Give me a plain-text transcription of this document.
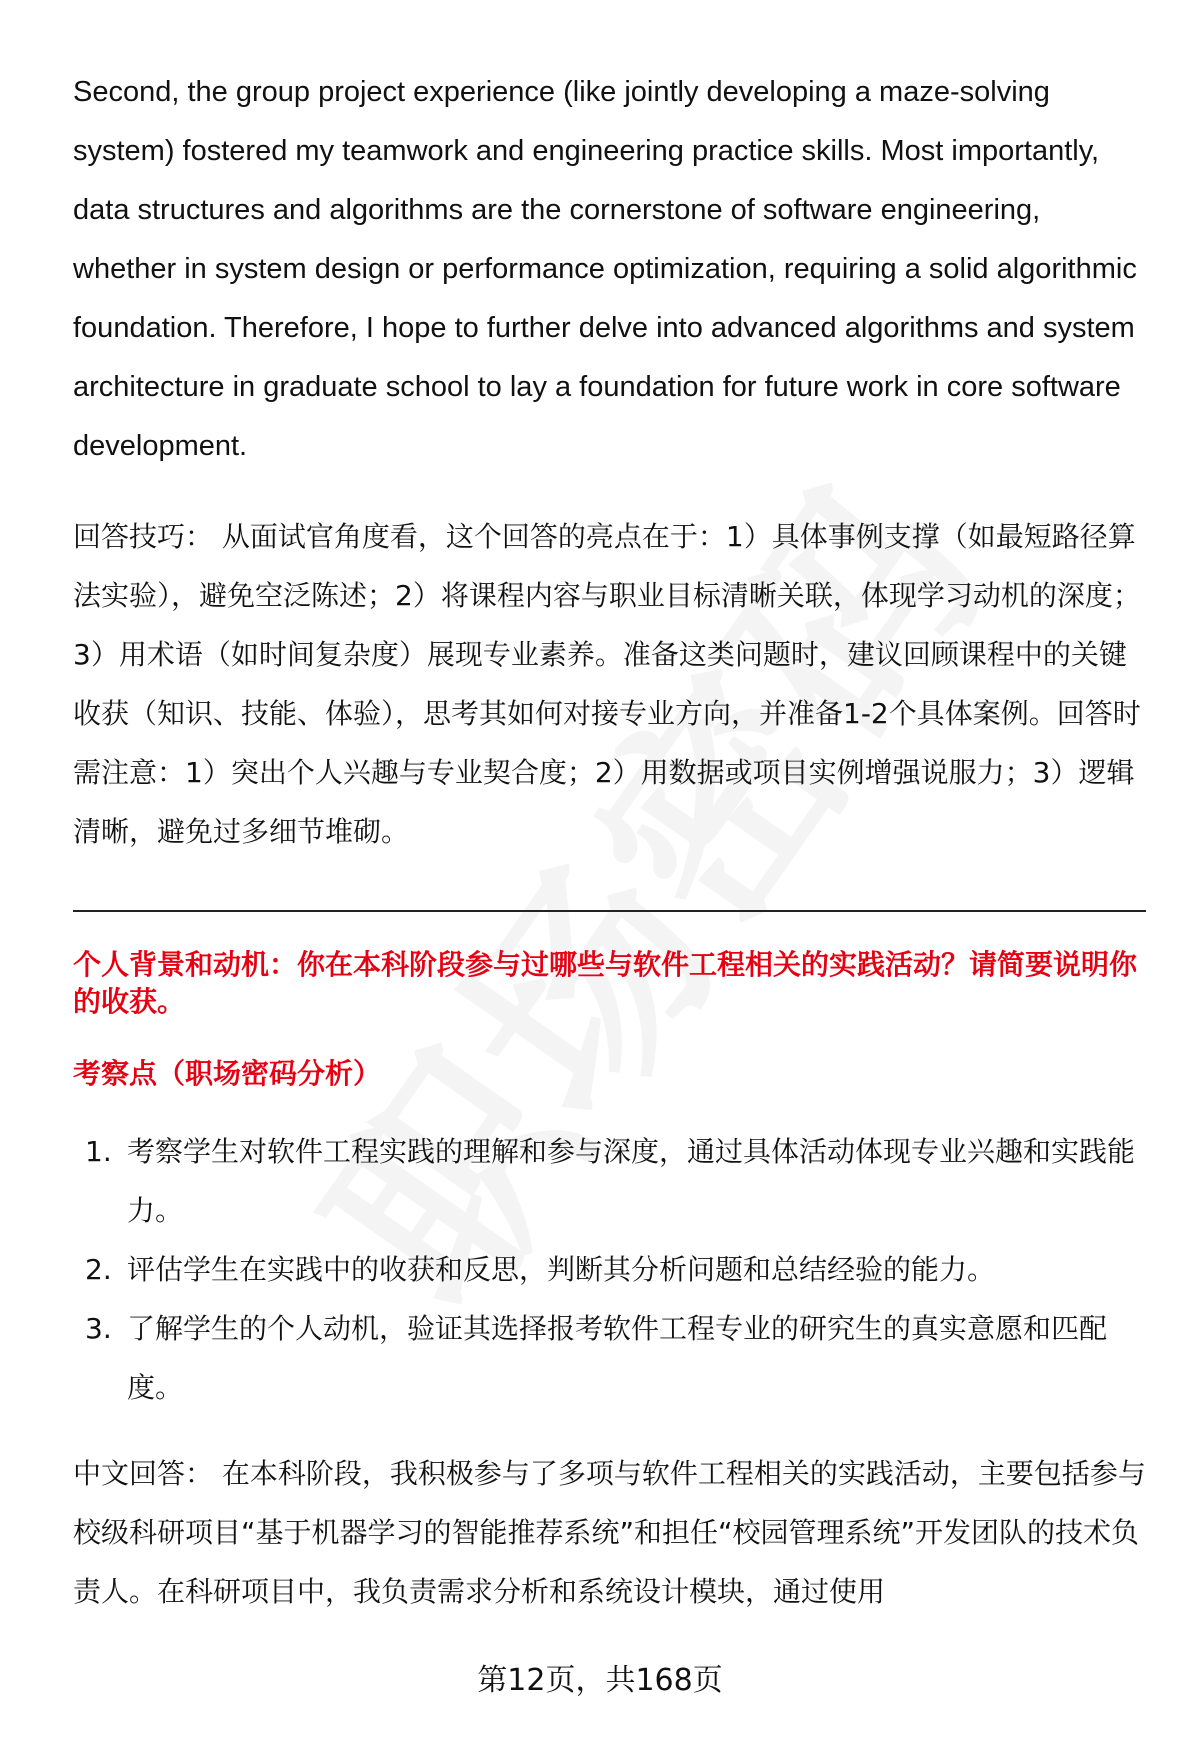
Second, the group project experience (like jointly developing a maze-solving system) fostered my teamwork and engineering practice skills. Most importantly, data structures and algorithms are the cornerstone of software engineering, whether in system design or performance optimization, requiring a solid algorithmic foundation. Therefore, I hope to further delve into advanced algorithms and system architecture in graduate school to lay a foundation for future work in core software development.
回答技巧： 从面试官角度看，这个回答的亮点在于：1）具体事例支撑（如最短路径算法实验），避免空泛陈述；2）将课程内容与职业目标清晰关联，体现学习动机的深度；3）用术语（如时间复杂度）展现专业素养。准备这类问题时，建议回顾课程中的关键收获（知识、技能、体验），思考其如何对接专业方向，并准备1-2个具体案例。回答时需注意：1）突出个人兴趣与专业契合度；2）用数据或项目实例增强说服力；3）逻辑清晰，避免过多细节堆砌。
个人背景和动机：你在本科阶段参与过哪些与软件工程相关的实践活动？请简要说明你的收获。
考察点（职场密码分析）
1. 考察学生对软件工程实践的理解和参与深度，通过具体活动体现专业兴趣和实践能力。
2. 评估学生在实践中的收获和反思，判断其分析问题和总结经验的能力。
3. 了解学生的个人动机，验证其选择报考软件工程专业的研究生的真实意愿和匹配度。
中文回答： 在本科阶段，我积极参与了多项与软件工程相关的实践活动，主要包括参与校级科研项目“基于机器学习的智能推荐系统”和担任“校园管理系统”开发团队的技术负责人。在科研项目中，我负责需求分析和系统设计模块，通过使用
第12页，共168页
